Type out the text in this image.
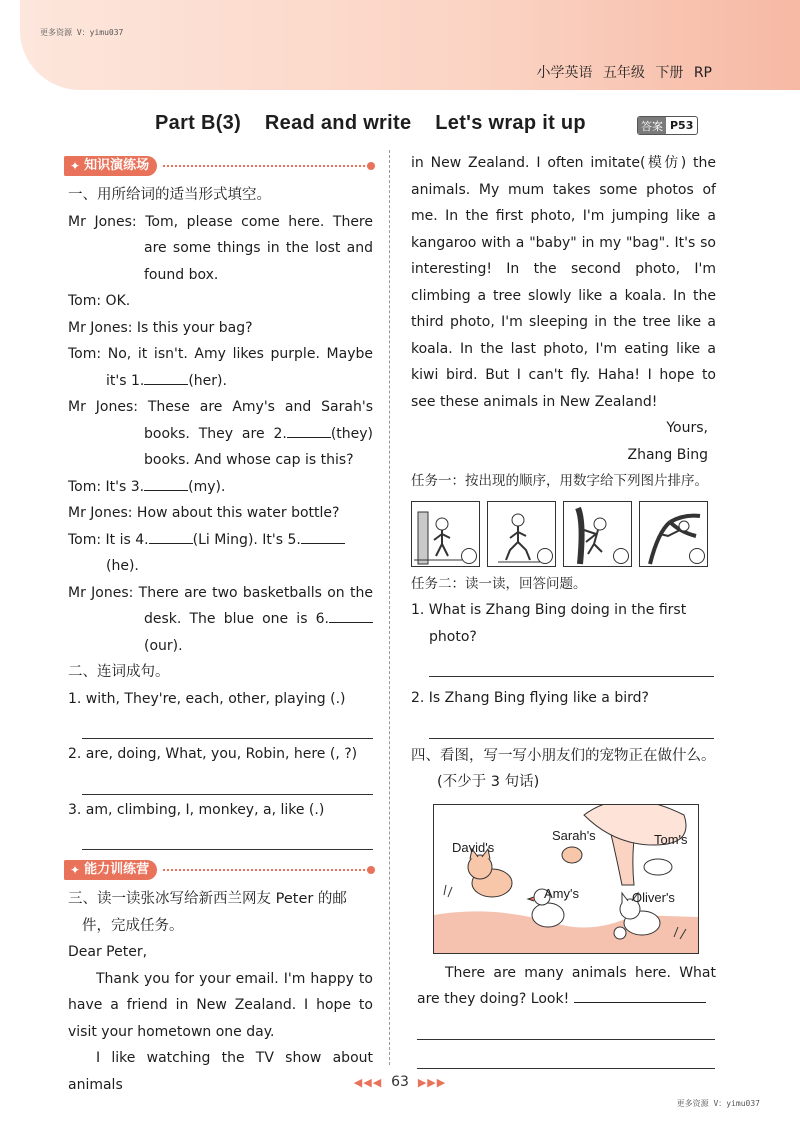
更多资源 V：yimu037
小学英语 五年级 下册 RP
Part B(3) Read and write Let's wrap it up	答案 P53
✦ 知识演练场

一、用所给词的适当形式填空。

Mr Jones: Tom, please come here. There are some things in the lost and found box.

Tom: OK.

Mr Jones: Is this your bag?

Tom: No, it isn't. Amy likes purple. Maybe it's 1.	(her).

Mr Jones: These are Amy's and Sarah's books. They are 2.	(they) books. And whose cap is this?

Tom: It's 3.	(my).

Mr Jones: How about this water bottle?

Tom: It is 4.	(Li Ming). It's 5.(he).

Mr Jones: There are two basketballs on the desk. The blue one is 6.(our).

二、连词成句。

1. with, They're, each, other, playing (.)

2. are, doing, What, you, Robin, here (, ?)

3. am, climbing, I, monkey, a, like (.)

✦ 能力训练营

三、读一读张冰写给新西兰网友 Peter 的邮件，完成任务。

Dear Peter,

Thank you for your email. I'm happy to have a friend in New Zealand. I hope to visit your hometown one day.

I like watching the TV show about animals

in New Zealand. I often imitate(模仿) the animals. My mum takes some photos of me. In the first photo, I'm jumping like a kangaroo with a "baby" in my "bag". It's so interesting! In the second photo, I'm climbing a tree slowly like a koala. In the third photo, I'm sleeping in the tree like a koala. In the last photo, I'm eating like a kiwi bird. But I can't fly. Haha! I hope to see these animals in New Zealand!

Yours,

Zhang Bing

任务一：按出现的顺序，用数字给下列图片排序。

任务二：读一读，回答问题。

1. What is Zhang Bing doing in the first photo?

2. Is Zhang Bing flying like a bird?

四、看图，写一写小朋友们的宠物正在做什么。(不少于 3 句话)

David's
Sarah's	Tom's
Amy's	Oliver's

There are many animals here. What are they doing? Look!

◀◀◀ 63 ▶▶▶
更多资源 V：yimu037
